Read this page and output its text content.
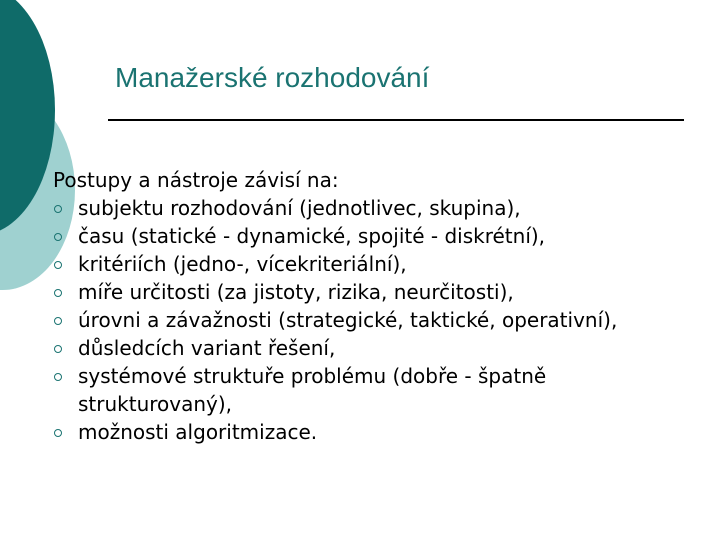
Manažerské rozhodování

Postupy a nástroje závisí na:

subjektu rozhodování (jednotlivec, skupina),
času (statické - dynamické, spojité - diskrétní),
kritériích (jedno-, vícekriteriální),
míře určitosti (za jistoty, rizika, neurčitosti),
úrovni a závažnosti (strategické, taktické, operativní),
důsledcích variant řešení,
systémové struktuře problému (dobře - špatně strukturovaný),
možnosti algoritmizace.
